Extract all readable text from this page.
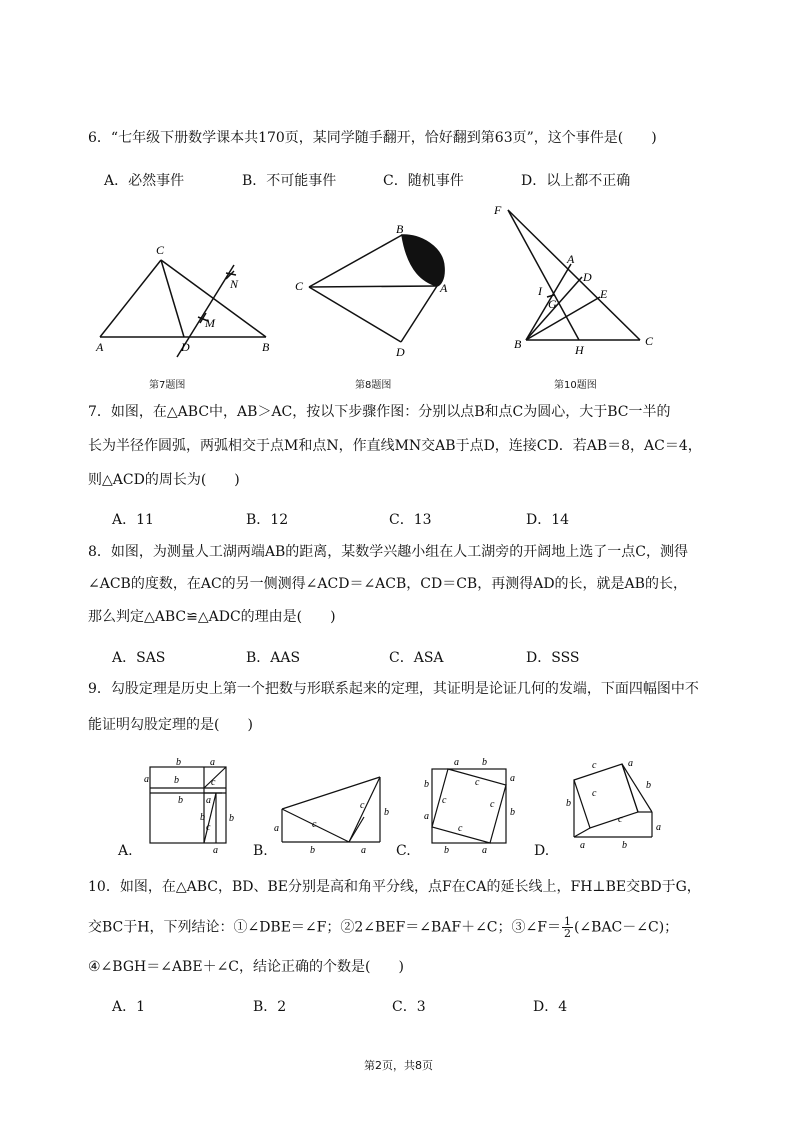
6．“七年级下册数学课本共170页，某同学随手翻开，恰好翻到第63页”，这个事件是(　　)
A．必然事件	B．不可能事件	C．随机事件	D．以上都不正确
C
N
M
A	D	B
第7题图
B
C	A
D
第8题图
F
A
D
E
I
G
B	H
C
第10题图
7．如图，在△ABC中，AB＞AC，按以下步骤作图：分别以点B和点C为圆心，大于BC一半的
长为半径作圆弧，两弧相交于点M和点N，作直线MN交AB于点D，连接CD．若AB＝8，AC＝4，
则△ACD的周长为(　　)
A．11	B．12	C．13	D．14
8．如图，为测量人工湖两端AB的距离，某数学兴趣小组在人工湖旁的开阔地上选了一点C，测得
∠ACB的度数，在AC的另一侧测得∠ACD＝∠ACB，CD＝CB，再测得AD的长，就是AB的长，
那么判定△ABC≌△ADC的理由是(　　)
A．SAS	B．AAS	C．ASA	D．SSS
9．勾股定理是历史上第一个把数与形联系起来的定理，其证明是论证几何的发端，下面四幅图中不
能证明勾股定理的是(　　)
b	a
a	b	c
a
b
b
c
b
a
A.
a
b	a
b
c
c
B.
a b
b
a
a	b
b	a
c
c	c
c
C.
c	a
b
b
c
c
a
a	b
D.
10．如图，在△ABC，BD、BE分别是高和角平分线，点F在CA的延长线上，FH⊥BE交BD于G，
交BC于H，下列结论：①∠DBE＝∠F；②2∠BEF＝∠BAF＋∠C；③∠F＝ $\frac{1}{2}$ (∠BAC－∠C)；
④∠BGH＝∠ABE＋∠C，结论正确的个数是(　　)
A．1	B．2	C．3	D．4
第2页，共8页
